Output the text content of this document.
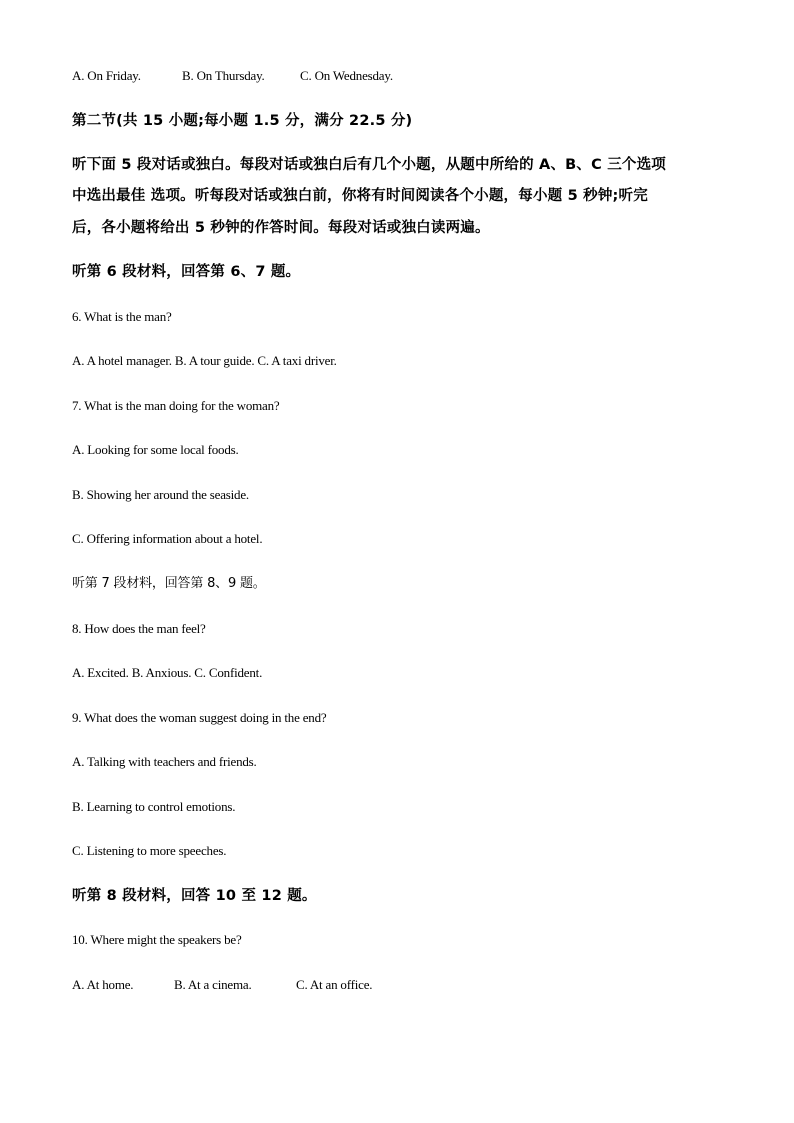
A. On Friday.	B. On Thursday.	C. On Wednesday.
第二节(共 15 小题;每小题 1.5 分，满分 22.5 分)
听下面 5 段对话或独白。每段对话或独白后有几个小题，从题中所给的 A、B、C 三个选项
中选出最佳 选项。听每段对话或独白前，你将有时间阅读各个小题，每小题 5 秒钟;听完
后，各小题将给出 5 秒钟的作答时间。每段对话或独白读两遍。
听第 6 段材料，回答第 6、7 题。
6. What is the man?
A. A hotel manager. B. A tour guide. C. A taxi driver.
7. What is the man doing for the woman?
A. Looking for some local foods.
B. Showing her around the seaside.
C. Offering information about a hotel.
听第 7 段材料，回答第 8、9 题。
8. How does the man feel?
A. Excited. B. Anxious. C. Confident.
9. What does the woman suggest doing in the end?
A. Talking with teachers and friends.
B. Learning to control emotions.
C. Listening to more speeches.
听第 8 段材料，回答 10 至 12 题。
10. Where might the speakers be?
A. At home.	B. At a cinema.	C. At an office.
